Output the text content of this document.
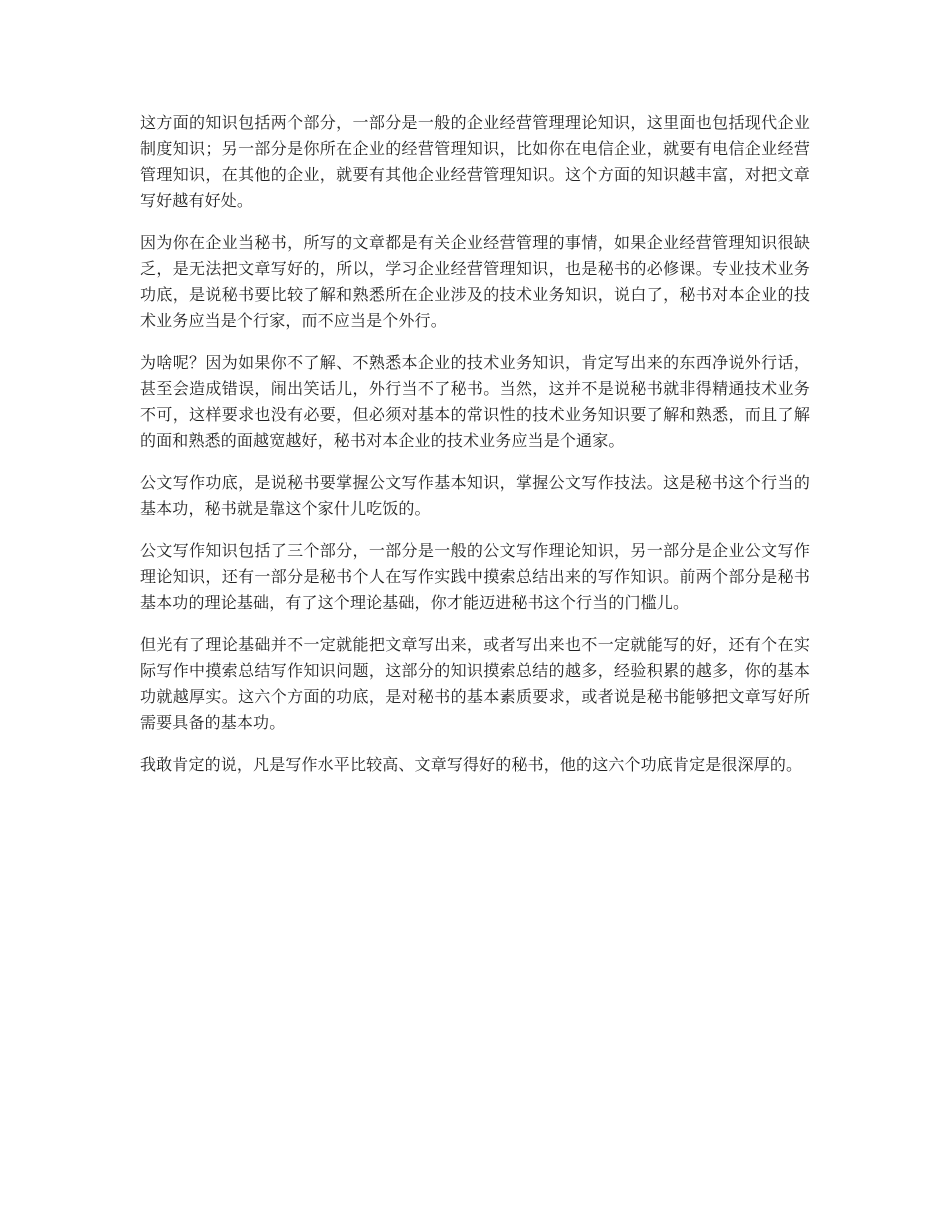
这方面的知识包括两个部分，一部分是一般的企业经营管理理论知识，这里面也包括现代企业制度知识；另一部分是你所在企业的经营管理知识，比如你在电信企业，就要有电信企业经营管理知识，在其他的企业，就要有其他企业经营管理知识。这个方面的知识越丰富，对把文章写好越有好处。

因为你在企业当秘书，所写的文章都是有关企业经营管理的事情，如果企业经营管理知识很缺乏，是无法把文章写好的，所以，学习企业经营管理知识，也是秘书的必修课。专业技术业务功底，是说秘书要比较了解和熟悉所在企业涉及的技术业务知识，说白了，秘书对本企业的技术业务应当是个行家，而不应当是个外行。

为啥呢？因为如果你不了解、不熟悉本企业的技术业务知识，肯定写出来的东西净说外行话，甚至会造成错误，闹出笑话儿，外行当不了秘书。当然，这并不是说秘书就非得精通技术业务不可，这样要求也没有必要，但必须对基本的常识性的技术业务知识要了解和熟悉，而且了解的面和熟悉的面越宽越好，秘书对本企业的技术业务应当是个通家。

公文写作功底，是说秘书要掌握公文写作基本知识，掌握公文写作技法。这是秘书这个行当的基本功，秘书就是靠这个家什儿吃饭的。

公文写作知识包括了三个部分，一部分是一般的公文写作理论知识，另一部分是企业公文写作理论知识，还有一部分是秘书个人在写作实践中摸索总结出来的写作知识。前两个部分是秘书基本功的理论基础，有了这个理论基础，你才能迈进秘书这个行当的门槛儿。

但光有了理论基础并不一定就能把文章写出来，或者写出来也不一定就能写的好，还有个在实际写作中摸索总结写作知识问题，这部分的知识摸索总结的越多，经验积累的越多，你的基本功就越厚实。这六个方面的功底，是对秘书的基本素质要求，或者说是秘书能够把文章写好所需要具备的基本功。

我敢肯定的说，凡是写作水平比较高、文章写得好的秘书，他的这六个功底肯定是很深厚的。
